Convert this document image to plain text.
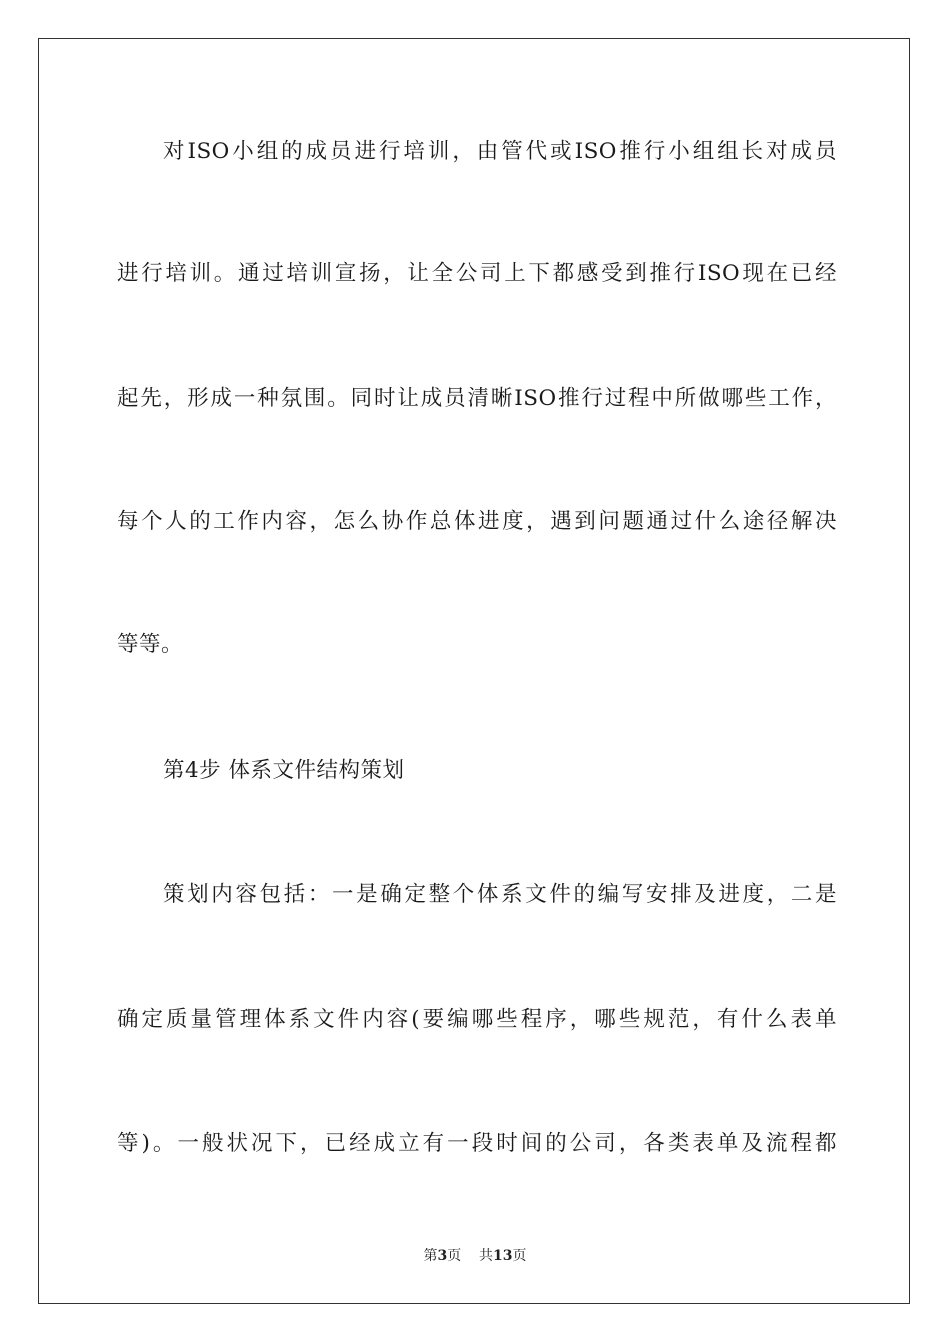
对ISO小组的成员进行培训，由管代或ISO推行小组组长对成员
进行培训。通过培训宣扬，让全公司上下都感受到推行ISO现在已经
起先，形成一种氛围。同时让成员清晰ISO推行过程中所做哪些工作，
每个人的工作内容，怎么协作总体进度，遇到问题通过什么途径解决
等等。
第4步 体系文件结构策划
策划内容包括：一是确定整个体系文件的编写安排及进度，二是
确定质量管理体系文件内容(要编哪些程序，哪些规范，有什么表单
等)。一般状况下，已经成立有一段时间的公司，各类表单及流程都
第3页 共13页
